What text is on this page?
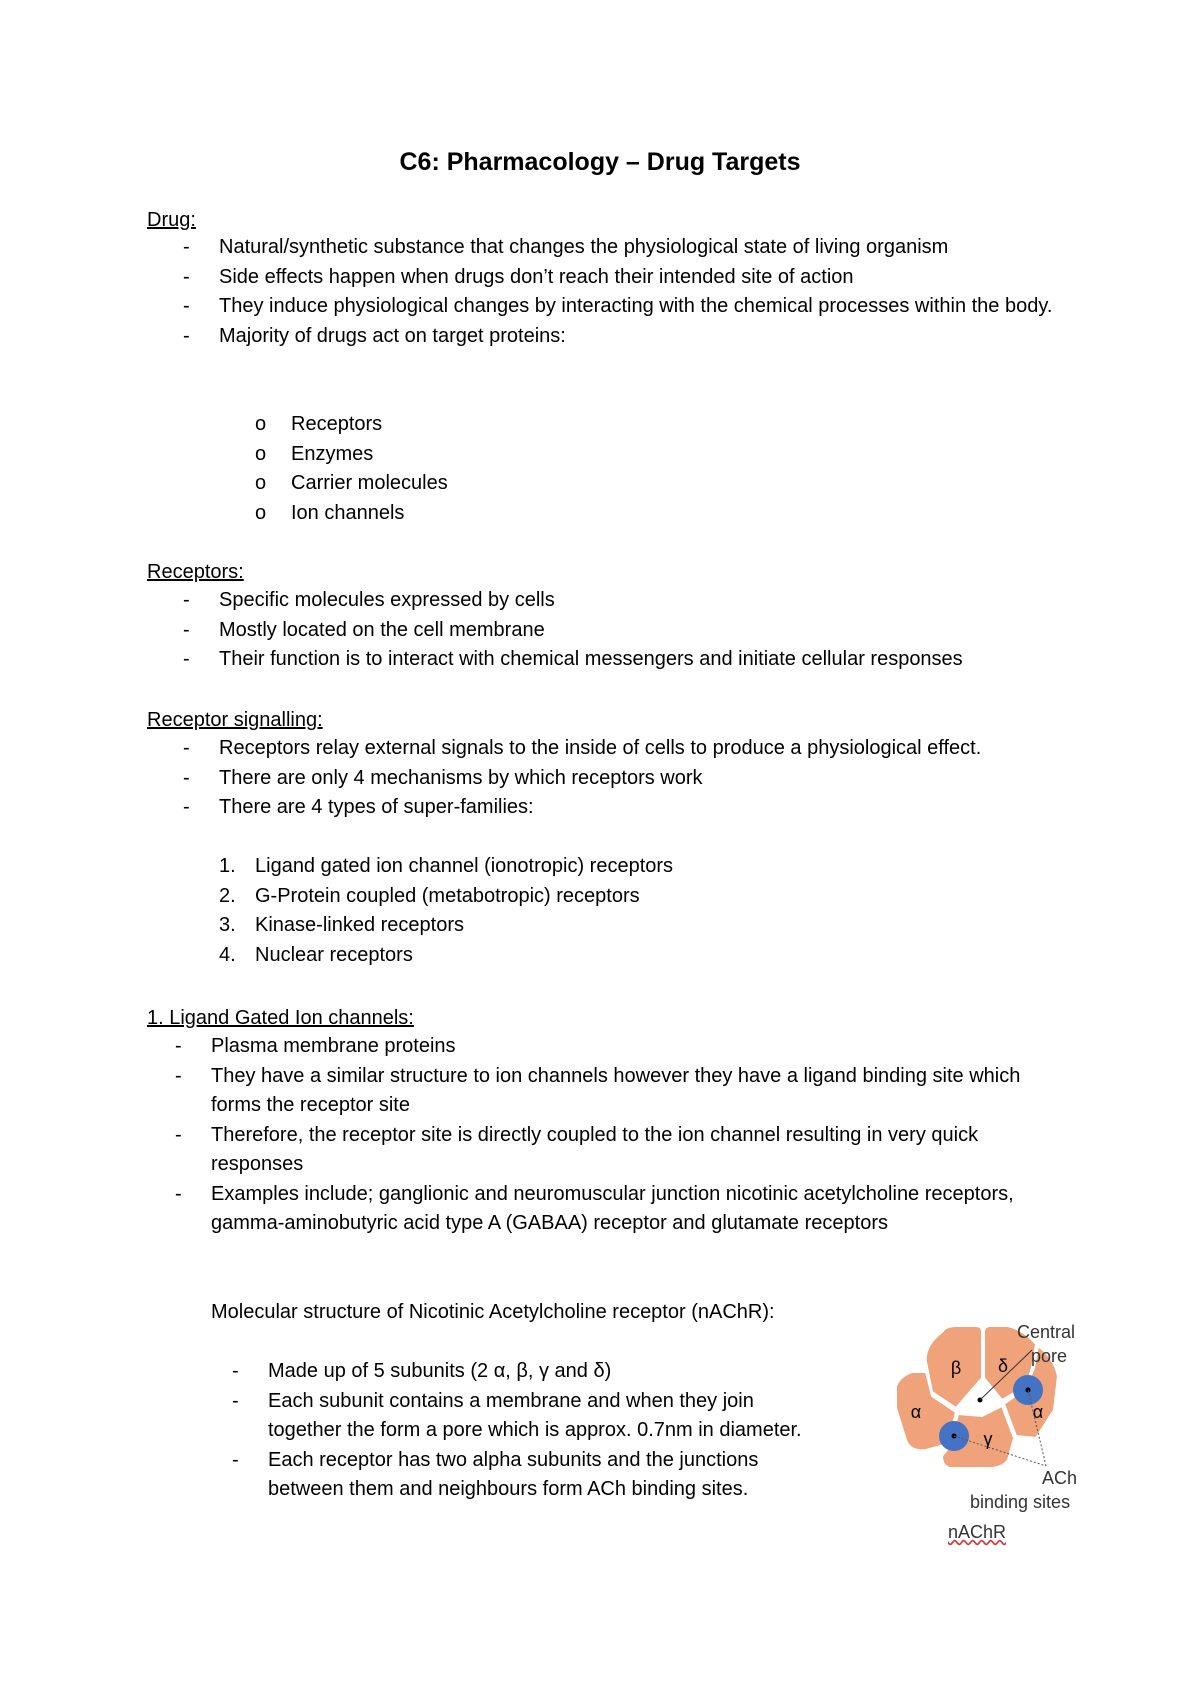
C6: Pharmacology – Drug Targets

Drug:

-	Natural/synthetic substance that changes the physiological state of living organism
-	Side effects happen when drugs don’t reach their intended site of action
-	They induce physiological changes by interacting with the chemical processes within the body.
-	Majority of drugs act on target proteins:
o	Receptors
o	Enzymes
o	Carrier molecules
o	Ion channels

Receptors:

-	Specific molecules expressed by cells
-	Mostly located on the cell membrane
-	Their function is to interact with chemical messengers and initiate cellular responses

Receptor signalling:

-	Receptors relay external signals to the inside of cells to produce a physiological effect.
-	There are only 4 mechanisms by which receptors work
-	There are 4 types of super-families:
1. Ligand gated ion channel (ionotropic) receptors
2. G-Protein coupled (metabotropic) receptors
3. Kinase-linked receptors
4. Nuclear receptors

1. Ligand Gated Ion channels:

-	Plasma membrane proteins
-	They have a similar structure to ion channels however they have a ligand binding site which forms the receptor site
-	Therefore, the receptor site is directly coupled to the ion channel resulting in very quick responses
-	Examples include; ganglionic and neuromuscular junction nicotinic acetylcholine receptors, gamma-aminobutyric acid type A (GABAA) receptor and glutamate receptors

Molecular structure of Nicotinic Acetylcholine receptor (nAChR):

-	Made up of 5 subunits (2 α, β, γ and δ)
-	Each subunit contains a membrane and when they join together the form a pore which is approx. 0.7nm in diameter.
-	Each receptor has two alpha subunits and the junctions between them and neighbours form ACh binding sites.
β δ
α	α
γ
Central
pore
ACh
binding sites
nAChR
